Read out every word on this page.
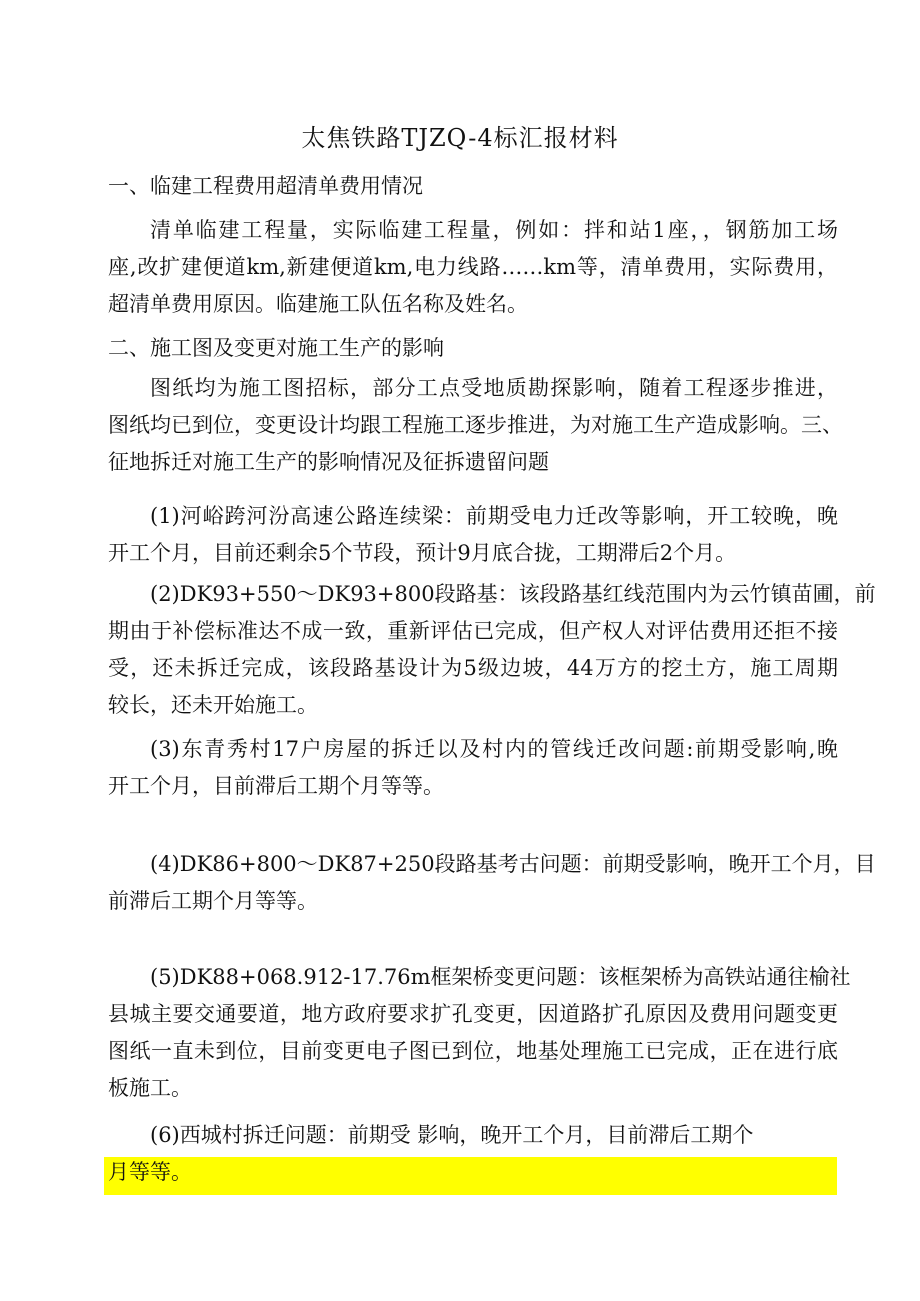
太焦铁路TJZQ-4标汇报材料
一、临建工程费用超清单费用情况
清单临建工程量，实际临建工程量，例如：拌和站1座，，钢筋加工场
座,改扩建便道km,新建便道km,电力线路……km等，清单费用，实际费用，
超清单费用原因。临建施工队伍名称及姓名。
二、施工图及变更对施工生产的影响
图纸均为施工图招标，部分工点受地质勘探影响，随着工程逐步推进，
图纸均已到位，变更设计均跟工程施工逐步推进，为对施工生产造成影响。三、
征地拆迁对施工生产的影响情况及征拆遗留问题
(1)河峪跨河汾高速公路连续梁：前期受电力迁改等影响，开工较晚，晚
开工个月，目前还剩余5个节段，预计9月底合拢，工期滞后2个月。
(2)DK93+550～DK93+800段路基：该段路基红线范围内为云竹镇苗圃，前
期由于补偿标准达不成一致，重新评估已完成，但产权人对评估费用还拒不接
受，还未拆迁完成，该段路基设计为5级边坡，44万方的挖土方，施工周期
较长，还未开始施工。
(3)东青秀村17户房屋的拆迁以及村内的管线迁改问题:前期受影响,晚
开工个月，目前滞后工期个月等等。
(4)DK86+800～DK87+250段路基考古问题：前期受影响，晚开工个月，目
前滞后工期个月等等。
(5)DK88+068.912-17.76m框架桥变更问题：该框架桥为高铁站通往榆社
县城主要交通要道，地方政府要求扩孔变更，因道路扩孔原因及费用问题变更
图纸一直未到位，目前变更电子图已到位，地基处理施工已完成，正在进行底
板施工。
(6)西城村拆迁问题：前期受 影响，晚开工个月，目前滞后工期个
月等等。
